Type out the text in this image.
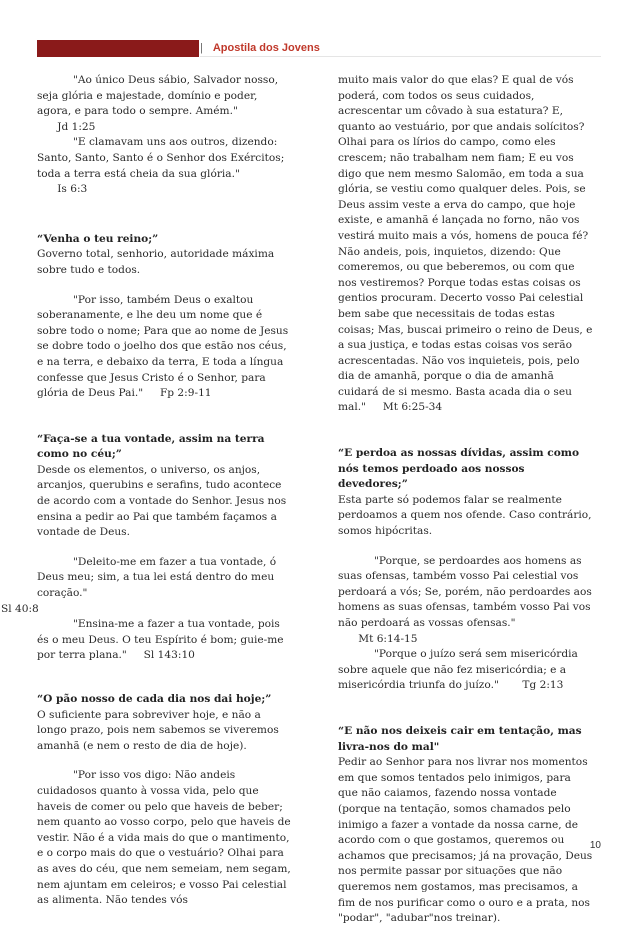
| Apostila dos Jovens

"Ao único Deus sábio, Salvador nosso, seja glória e majestade, domínio e poder, agora, e para todo o sempre. Amém."       Jd 1:25

"E clamavam uns aos outros, dizendo: Santo, Santo, Santo é o Senhor dos Exércitos; toda a terra está cheia da sua glória."       Is 6:3

“Venha o teu reino;”

Governo total, senhorio, autoridade máxima sobre tudo e todos.

"Por isso, também Deus o exaltou soberanamente, e lhe deu um nome que é sobre todo o nome; Para que ao nome de Jesus se dobre todo o joelho dos que estão nos céus, e na terra, e debaixo da terra, E toda a língua confesse que Jesus Cristo é o Senhor, para glória de Deus Pai." Fp 2:9-11

“Faça-se a tua vontade, assim na terra como no céu;”

Desde os elementos, o universo, os anjos, arcanjos, querubins e serafins, tudo acontece de acordo com a vontade do Senhor. Jesus nos ensina a pedir ao Pai que também façamos a vontade de Deus.

"Deleito-me em fazer a tua vontade, ó Deus meu; sim, a tua lei está dentro do meu coração."
Sl 40:8

"Ensina-me a fazer a tua vontade, pois és o meu Deus. O teu Espírito é bom; guie-me por terra plana." Sl 143:10

“O pão nosso de cada dia nos dai hoje;”

O suficiente para sobreviver hoje, e não a longo prazo, pois nem sabemos se viveremos amanhã (e nem o resto de dia de hoje).

"Por isso vos digo: Não andeis cuidadosos quanto à vossa vida, pelo que haveis de comer ou pelo que haveis de beber; nem quanto ao vosso corpo, pelo que haveis de vestir. Não é a vida mais do que o mantimento, e o corpo mais do que o vestuário? Olhai para as aves do céu, que nem semeiam, nem segam, nem ajuntam em celeiros; e vosso Pai celestial as alimenta. Não tendes vós

muito mais valor do que elas? E qual de vós poderá, com todos os seus cuidados, acrescentar um côvado à sua estatura? E, quanto ao vestuário, por que andais solícitos? Olhai para os lírios do campo, como eles crescem; não trabalham nem fiam; E eu vos digo que nem mesmo Salomão, em toda a sua glória, se vestiu como qualquer deles. Pois, se Deus assim veste a erva do campo, que hoje existe, e amanhã é lançada no forno, não vos vestirá muito mais a vós, homens de pouca fé? Não andeis, pois, inquietos, dizendo: Que comeremos, ou que beberemos, ou com que nos vestiremos? Porque todas estas coisas os gentios procuram. Decerto vosso Pai celestial bem sabe que necessitais de todas estas coisas; Mas, buscai primeiro o reino de Deus, e a sua justiça, e todas estas coisas vos serão acrescentadas. Não vos inquieteis, pois, pelo dia de amanhã, porque o dia de amanhã cuidará de si mesmo. Basta acada dia o seu mal." Mt 6:25-34

“E perdoa as nossas dívidas, assim como nós temos perdoado aos nossos devedores;”

Esta parte só podemos falar se realmente perdoamos a quem nos ofende. Caso contrário, somos hipócritas.

"Porque, se perdoardes aos homens as suas ofensas, também vosso Pai celestial vos perdoará a vós; Se, porém, não perdoardes aos homens as suas ofensas, também vosso Pai vos não perdoará as vossas ofensas."       Mt 6:14-15

"Porque o juízo será sem misericórdia sobre aquele que não fez misericórdia; e a misericórdia triunfa do juízo." Tg 2:13

“E não nos deixeis cair em tentação, mas livra-nos do mal"

Pedir ao Senhor para nos livrar nos momentos em que somos tentados pelo inimigos, para que não caiamos, fazendo nossa vontade (porque na tentação, somos chamados pelo inimigo a fazer a vontade da nossa carne, de acordo com o que gostamos, queremos ou achamos que precisamos; já na provação, Deus nos permite passar por situações que não queremos nem gostamos, mas precisamos, a fim de nos purificar como o ouro e a prata, nos "podar", "adubar"nos treinar).

10
